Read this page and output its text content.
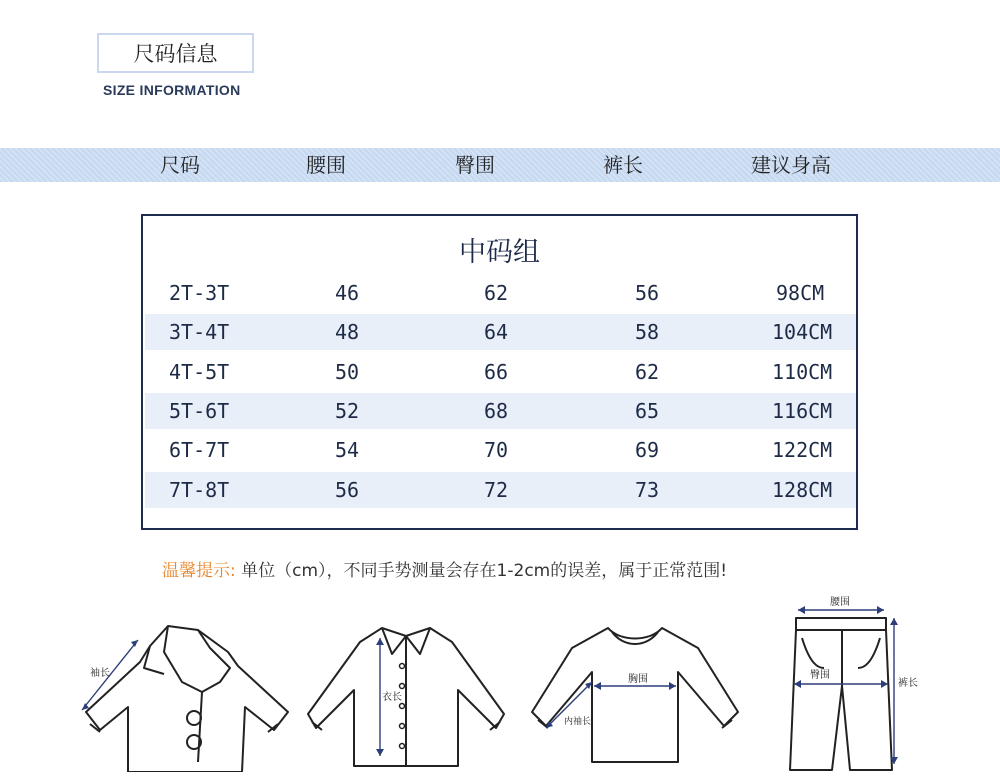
尺码信息
SIZE INFORMATION
尺码	腰围	臀围	裤长	建议身高
中码组
2T-3T	46	62	56	98CM
3T-4T	48	64	58	104CM
4T-5T	50	66	62	110CM
5T-6T	52	68	65	116CM
6T-7T	54	70	69	122CM
7T-8T	56	72	73	128CM
温馨提示: 单位（cm），不同手势测量会存在1-2cm的误差，属于正常范围!
袖长
衣长
胸围
内袖长
腰围
臀围
裤长
